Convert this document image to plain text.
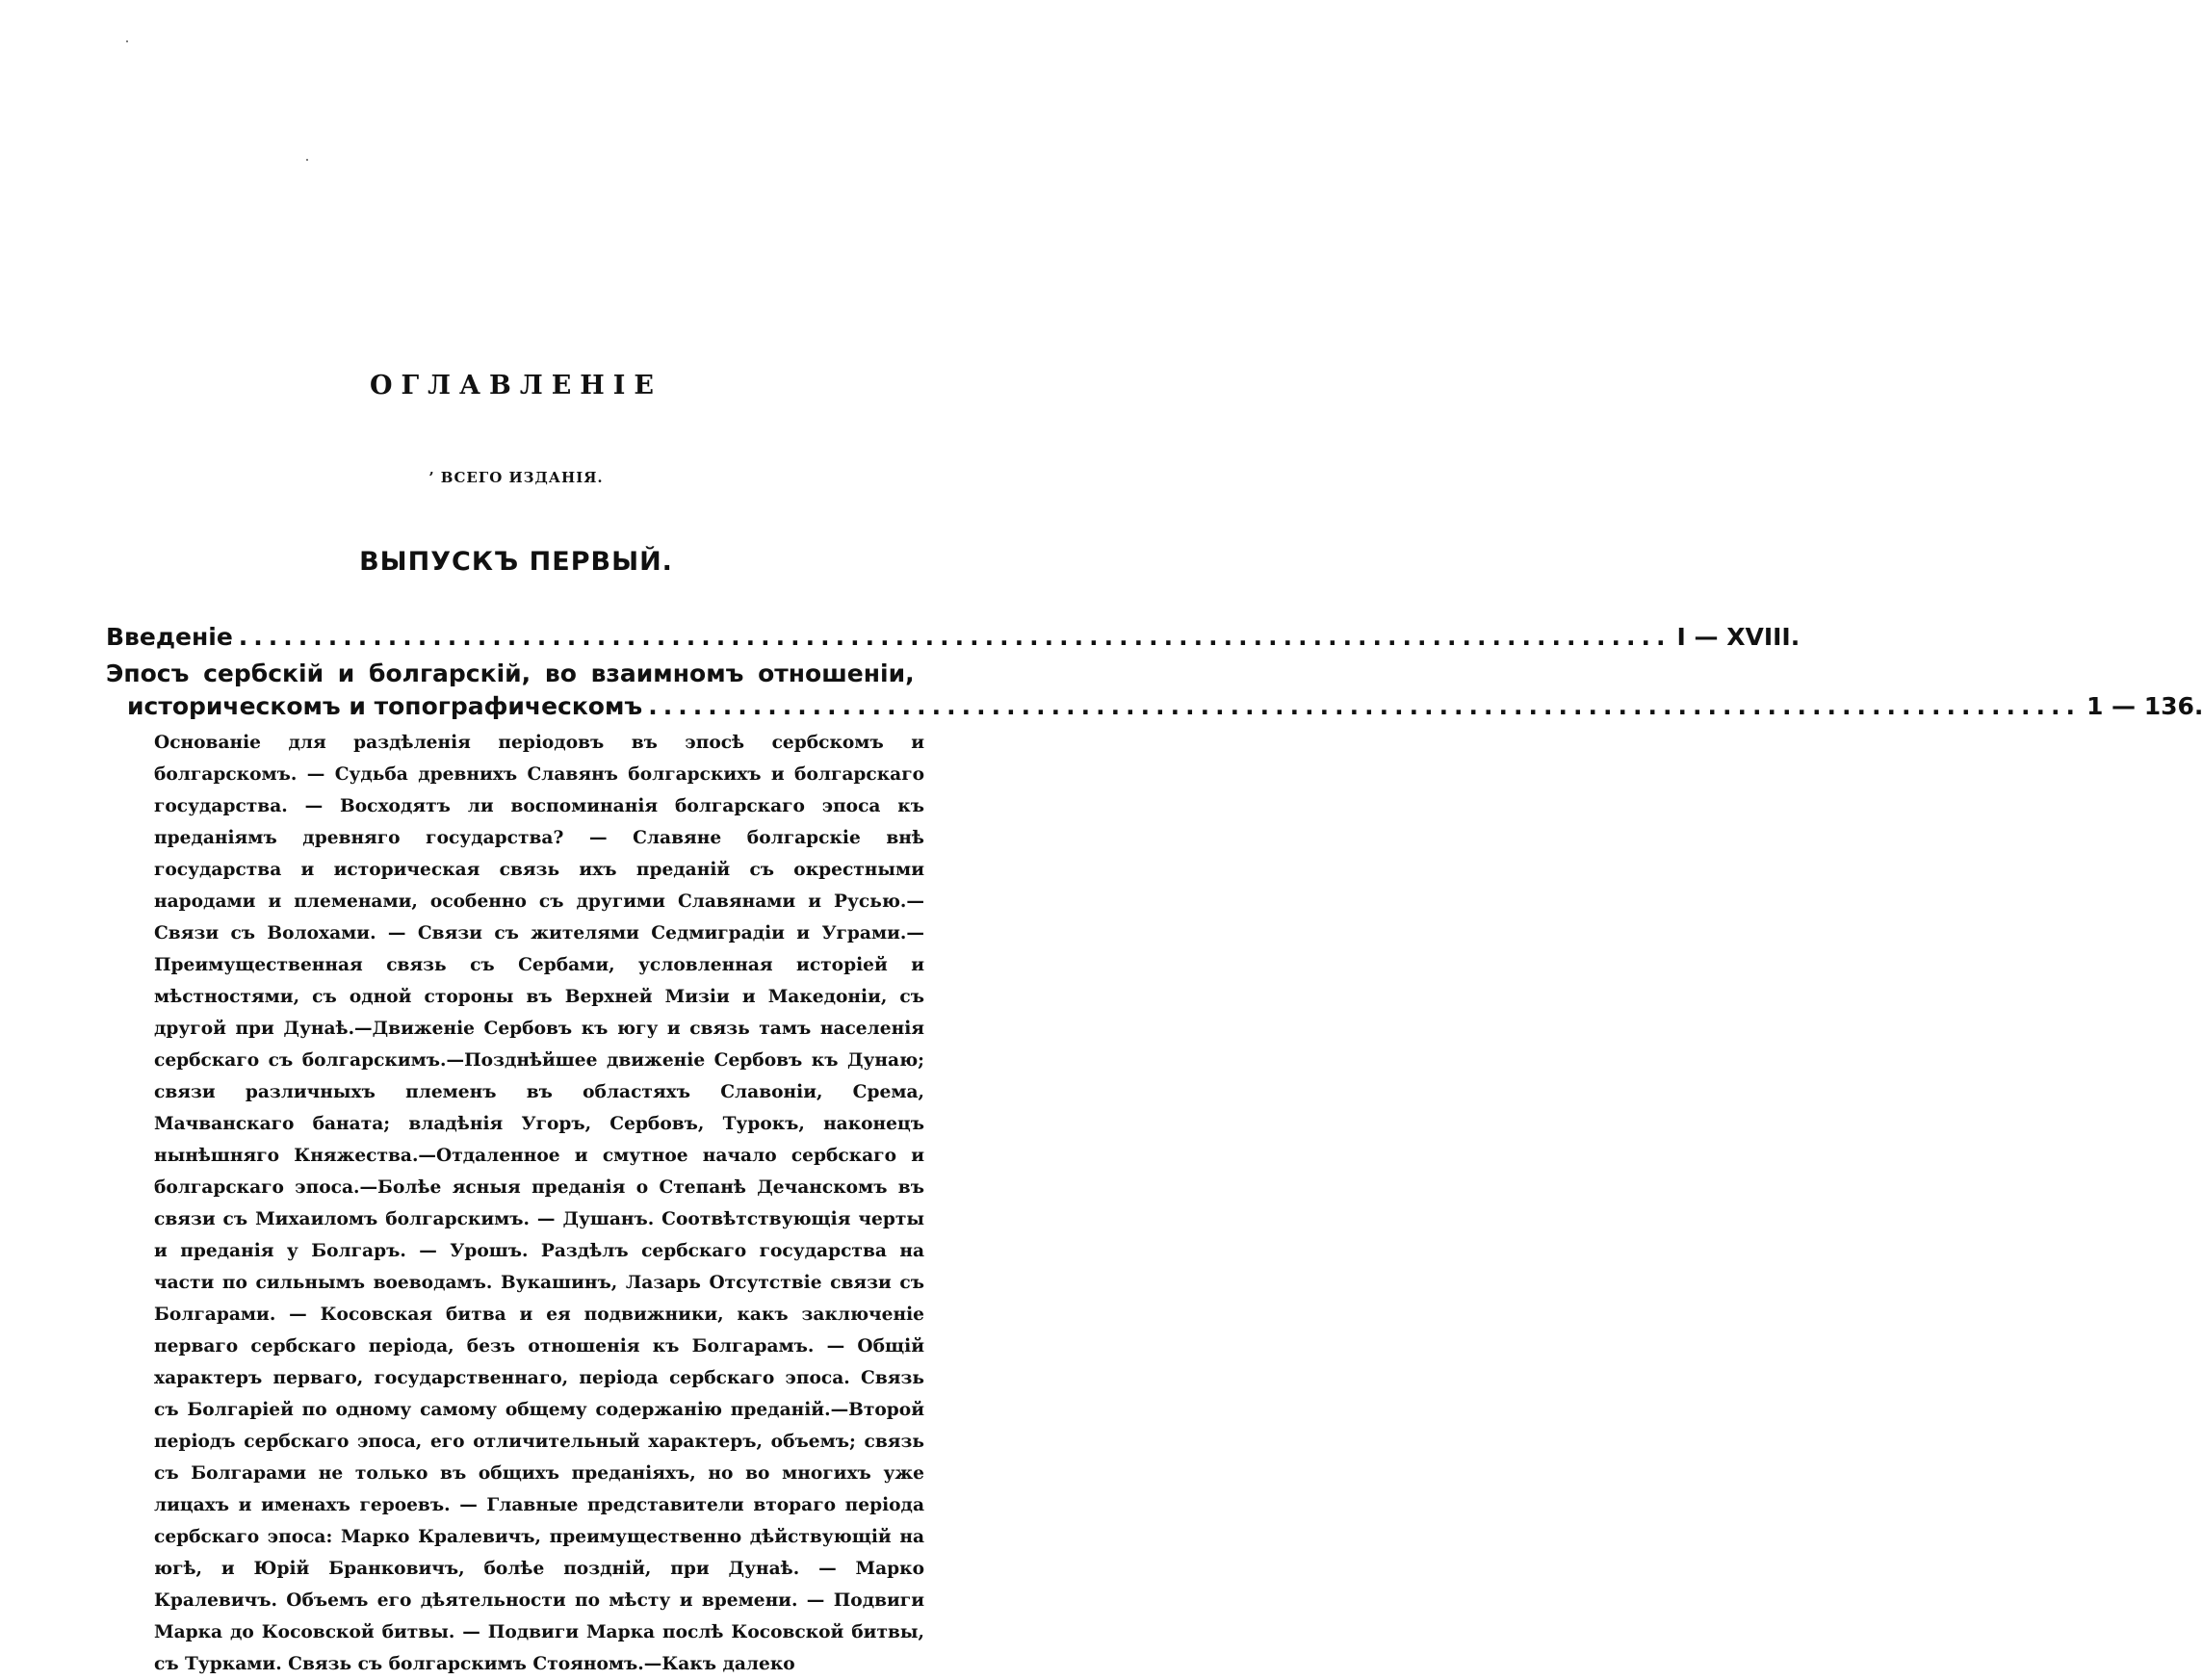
ОГЛАВЛЕНІЕ
’ ВСЕГО ИЗДАНІЯ.
ВЫПУСКЪ ПЕРВЫЙ.
Введеніе ................................................................................................ I — XVIII.
Эпосъ сербскій и болгарскій, во взаимномъ отношеніи,
историческомъ и топографическомъ ................................................................................................ 1 — 136.

Основаніе для раздѣленія періодовъ въ эпосѣ сербскомъ и болгарскомъ. — Судьба древнихъ Славянъ болгарскихъ и болгарскаго государства. — Восходятъ ли воспоминанія болгарскаго эпоса къ преданіямъ древняго государства? — Славяне болгарскіе внѣ государства и историческая связь ихъ преданій съ окрестными народами и племенами, особенно съ другими Славянами и Русью.—Связи съ Волохами. — Связи съ жителями Седмиградіи и Уграми.— Преимущественная связь съ Сербами, условленная исторіей и мѣстностями, съ одной стороны въ Верхней Мизіи и Македоніи, съ другой при Дунаѣ.—Движеніе Сербовъ къ югу и связь тамъ населенія сербскаго съ болгарскимъ.—Позднѣйшее движеніе Сербовъ къ Дунаю; связи различныхъ племенъ въ областяхъ Славоніи, Срема, Мачванскаго баната; владѣнія Угоръ, Сербовъ, Турокъ, наконецъ нынѣшняго Княжества.—Отдаленное и смутное начало сербскаго и болгарскаго эпоса.—Болѣе ясныя преданія о Степанѣ Дечанскомъ въ связи съ Михаиломъ болгарскимъ. — Душанъ. Соотвѣтствующія черты и преданія у Болгаръ. — Урошъ. Раздѣлъ сербскаго государства на части по сильнымъ воеводамъ. Вукашинъ, Лазарь Отсутствіе связи съ Болгарами. — Косовская битва и ея подвижники, какъ заключеніе перваго сербскаго періода, безъ отношенія къ Болгарамъ. — Общій характеръ перваго, государственнаго, періода сербскаго эпоса. Связь съ Болгаріей по одному самому общему содержанію преданій.—Второй періодъ сербскаго эпоса, его отличительный характеръ, объемъ; связь съ Болгарами не только въ общихъ преданіяхъ, но во многихъ уже лицахъ и именахъ героевъ. — Главные представители втораго періода сербскаго эпоса: Марко Кралевичъ, преимущественно дѣйствующій на югѣ, и Юрій Бранковичъ, болѣе поздній, при Дунаѣ. — Марко Кралевичъ. Объемъ его дѣятельности по мѣсту и времени. — Подвиги Марка до Косовской битвы. — Подвиги Марка послѣ Косовской битвы, съ Турками. Связь съ болгарскимъ Стояномъ.—Какъ далеко
